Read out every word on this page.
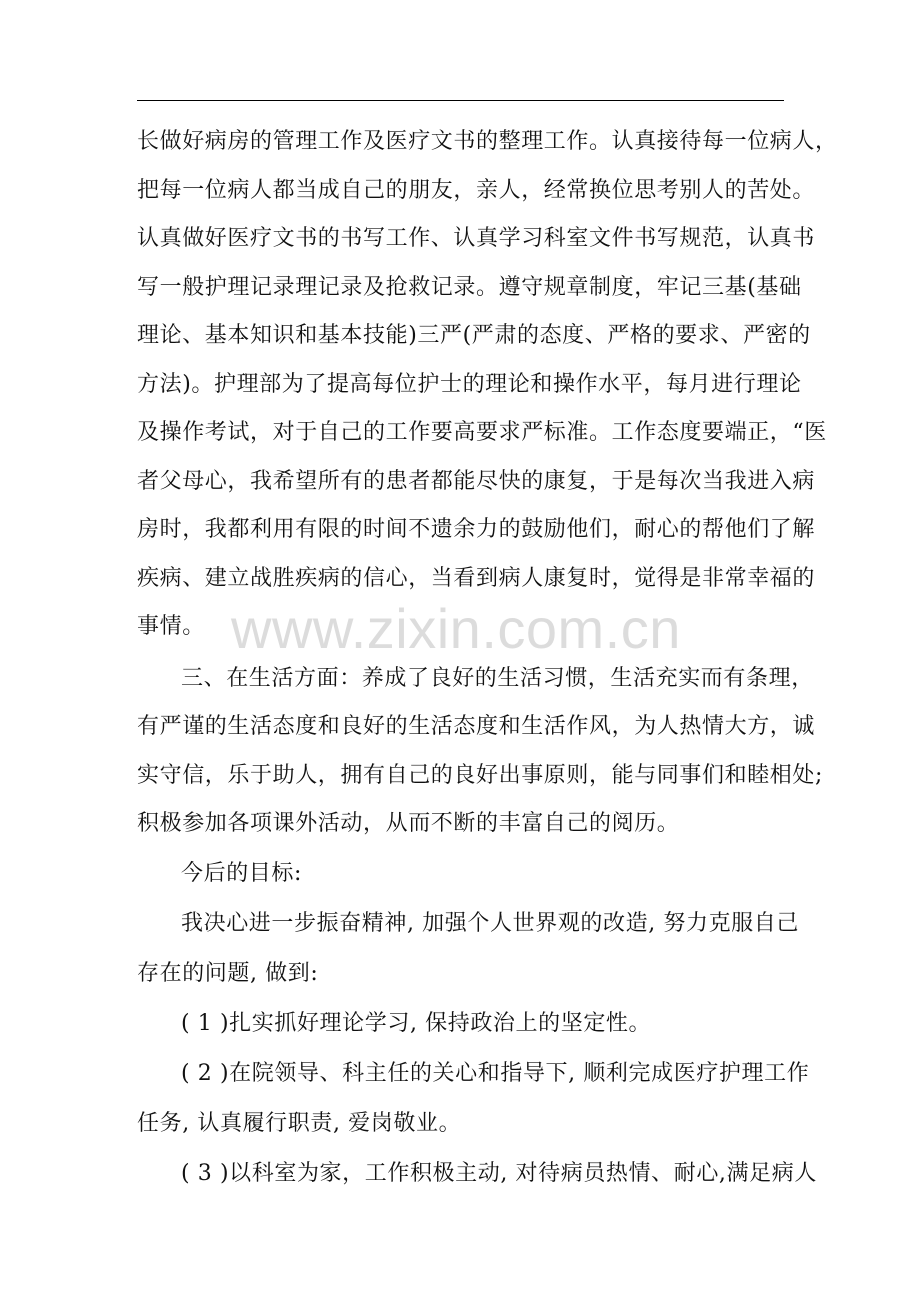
www.zixin.com.cn
长做好病房的管理工作及医疗文书的整理工作。认真接待每一位病人，
把每一位病人都当成自己的朋友，亲人，经常换位思考别人的苦处。
认真做好医疗文书的书写工作、认真学习科室文件书写规范，认真书
写一般护理记录理记录及抢救记录。遵守规章制度，牢记三基(基础
理论、基本知识和基本技能)三严(严肃的态度、严格的要求、严密的
方法)。护理部为了提高每位护士的理论和操作水平，每月进行理论
及操作考试，对于自己的工作要高要求严标准。工作态度要端正，“医
者父母心，我希望所有的患者都能尽快的康复，于是每次当我进入病
房时，我都利用有限的时间不遗余力的鼓励他们，耐心的帮他们了解
疾病、建立战胜疾病的信心，当看到病人康复时，觉得是非常幸福的
事情。
三、在生活方面：养成了良好的生活习惯，生活充实而有条理，
有严谨的生活态度和良好的生活态度和生活作风，为人热情大方，诚
实守信，乐于助人，拥有自己的良好出事原则，能与同事们和睦相处;
积极参加各项课外活动，从而不断的丰富自己的阅历。
今后的目标:
我决心进一步振奋精神, 加强个人世界观的改造, 努力克服自己
存在的问题, 做到:
( 1 )扎实抓好理论学习, 保持政治上的坚定性。
( 2 )在院领导、科主任的关心和指导下, 顺利完成医疗护理工作
任务, 认真履行职责, 爱岗敬业。
( 3 )以科室为家，工作积极主动, 对待病员热情、耐心,满足病人
